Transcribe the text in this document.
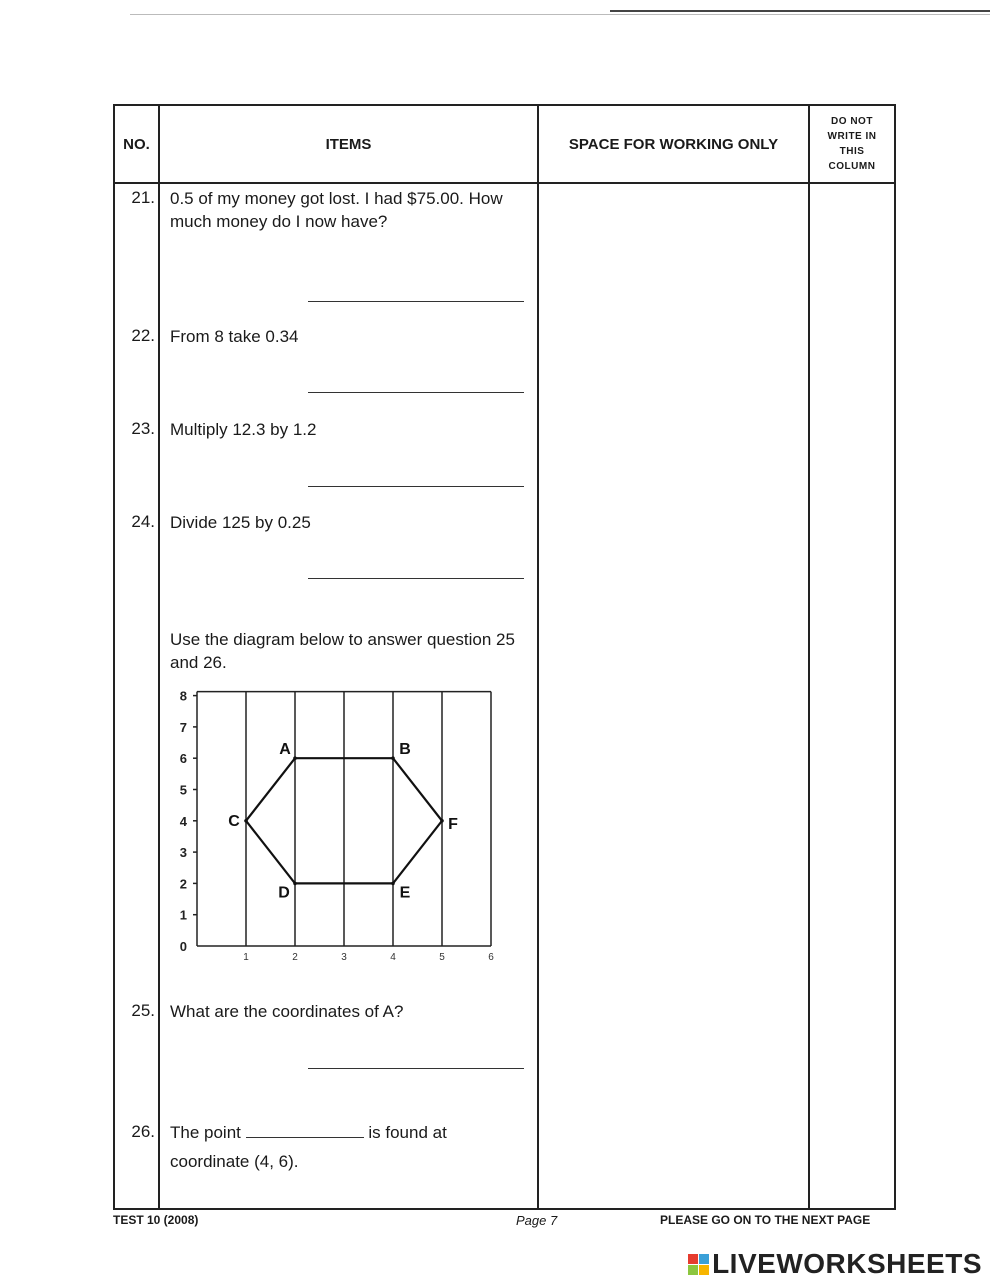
NO.	ITEMS	SPACE FOR WORKING ONLY
DO NOT
WRITE IN
THIS
COLUMN
21. 0.5 of my money got lost. I had $75.00. How much money do I now have?
22. From 8 take 0.34
23. Multiply 12.3 by 1.2
24. Divide 125 by 0.25
Use the diagram below to answer question 25 and 26.
0
1
2
3
4
5
6
7
8
1	2	3	4	5	6
A	B
F
E
D
C
25. What are the coordinates of A?
26. The point	is found at
coordinate (4, 6).
TEST 10 (2008)	Page 7	PLEASE GO ON TO THE NEXT PAGE
LIVEWORKSHEETS
